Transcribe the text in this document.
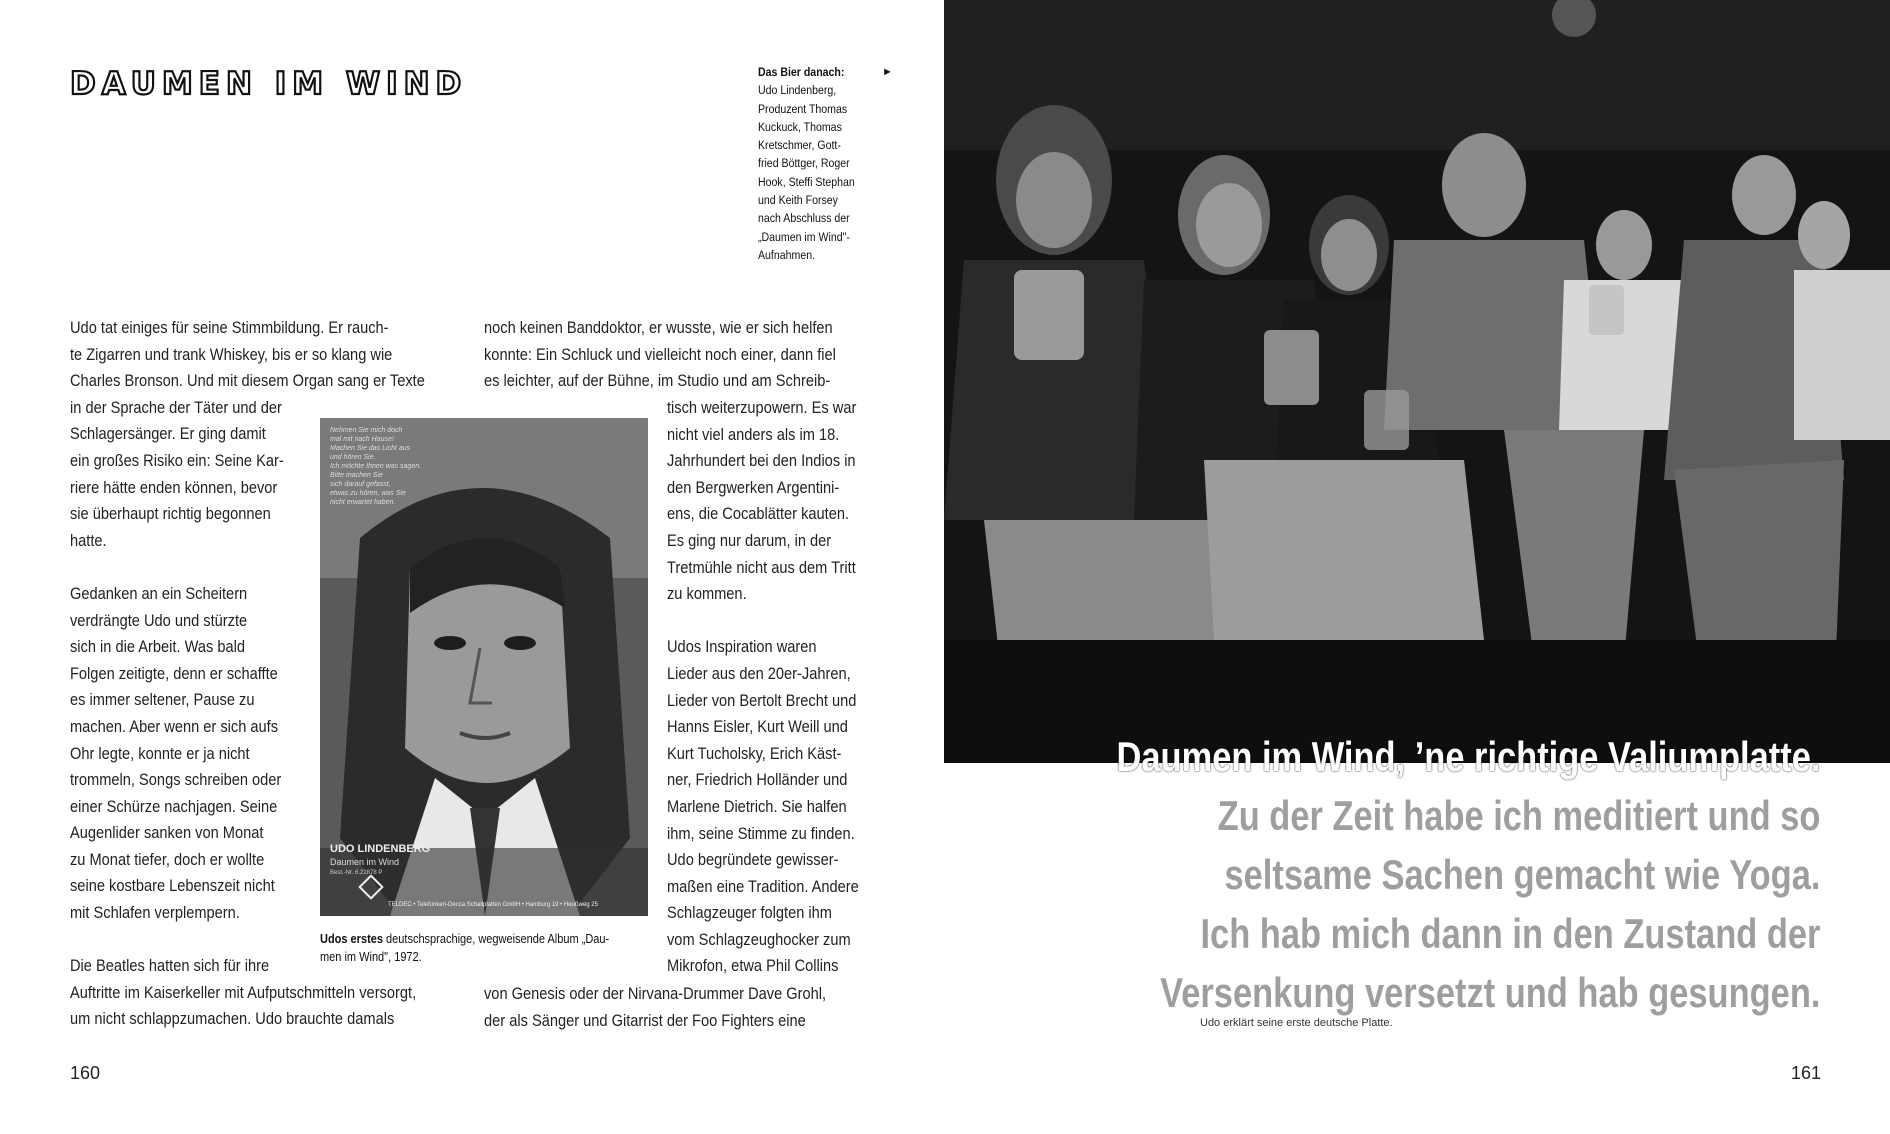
DAUMEN IM WIND	Das Bier danach:
Udo Lindenberg,
Produzent Thomas
Kuckuck, Thomas
Kretschmer, Gott-
fried Böttger, Roger
Hook, Steffi Stephan
und Keith Forsey
nach Abschluss der
„Daumen im Wind"-
Aufnahmen.
►
Udo tat einiges für seine Stimmbildung. Er rauch-
te Zigarren und trank Whiskey, bis er so klang wie
Charles Bronson. Und mit diesem Organ sang er Texte

in der Sprache der Täter und der
Schlagersänger. Er ging damit
ein großes Risiko ein: Seine Kar-
riere hätte enden können, bevor
sie überhaupt richtig begonnen
hatte.

Gedanken an ein Scheitern
verdrängte Udo und stürzte
sich in die Arbeit. Was bald
Folgen zeitigte, denn er schaffte
es immer seltener, Pause zu
machen. Aber wenn er sich aufs
Ohr legte, konnte er ja nicht
trommeln, Songs schreiben oder
einer Schürze nachjagen. Seine
Augenlider sanken von Monat
zu Monat tiefer, doch er wollte
seine kostbare Lebenszeit nicht
mit Schlafen verplempern.

Die Beatles hatten sich für ihre
Auftritte im Kaiserkeller mit Aufputschmitteln versorgt,
um nicht schlappzumachen. Udo brauchte damals

noch keinen Banddoktor, er wusste, wie er sich helfen
konnte: Ein Schluck und vielleicht noch einer, dann fiel
es leichter, auf der Bühne, im Studio und am Schreib-

tisch weiterzupowern. Es war
nicht viel anders als im 18.
Jahrhundert bei den Indios in
den Bergwerken Argentini-
ens, die Cocablätter kauten.
Es ging nur darum, in der
Tretmühle nicht aus dem Tritt
zu kommen.

Udos Inspiration waren
Lieder aus den 20er-Jahren,
Lieder von Bertolt Brecht und
Hanns Eisler, Kurt Weill und
Kurt Tucholsky, Erich Käst-
ner, Friedrich Holländer und
Marlene Dietrich. Sie halfen
ihm, seine Stimme zu finden.
Udo begründete gewisser-
maßen eine Tradition. Andere
Schlagzeuger folgten ihm
vom Schlagzeughocker zum
Mikrofon, etwa Phil Collins

von Genesis oder der Nirvana-Drummer Dave Grohl,
der als Sänger und Gitarrist der Foo Fighters eine
Nehmen Sie mich doch
mal mit nach Hause!
Machen Sie das Licht aus
und hören Sie.
Ich möchte Ihnen was sagen.
Bitte machen Sie
sich darauf gefasst,
etwas zu hören, was Sie
nicht erwartet haben.
UDO LINDENBERG
Daumen im Wind
Best.-Nr. 6.22878 P
TELDEC • Telefunken-Decca Schallplatten GmbH • Hamburg 19 • Heußweg 25
Udos erstes deutschsprachige, wegweisende Album „Dau-
men im Wind", 1972.
160
Daumen im Wind, ’ne richtige Valiumplatte.
Zu der Zeit habe ich meditiert und so
seltsame Sachen gemacht wie Yoga.
Ich hab mich dann in den Zustand der
Versenkung versetzt und hab gesungen.
Udo erklärt seine erste deutsche Platte.
161
